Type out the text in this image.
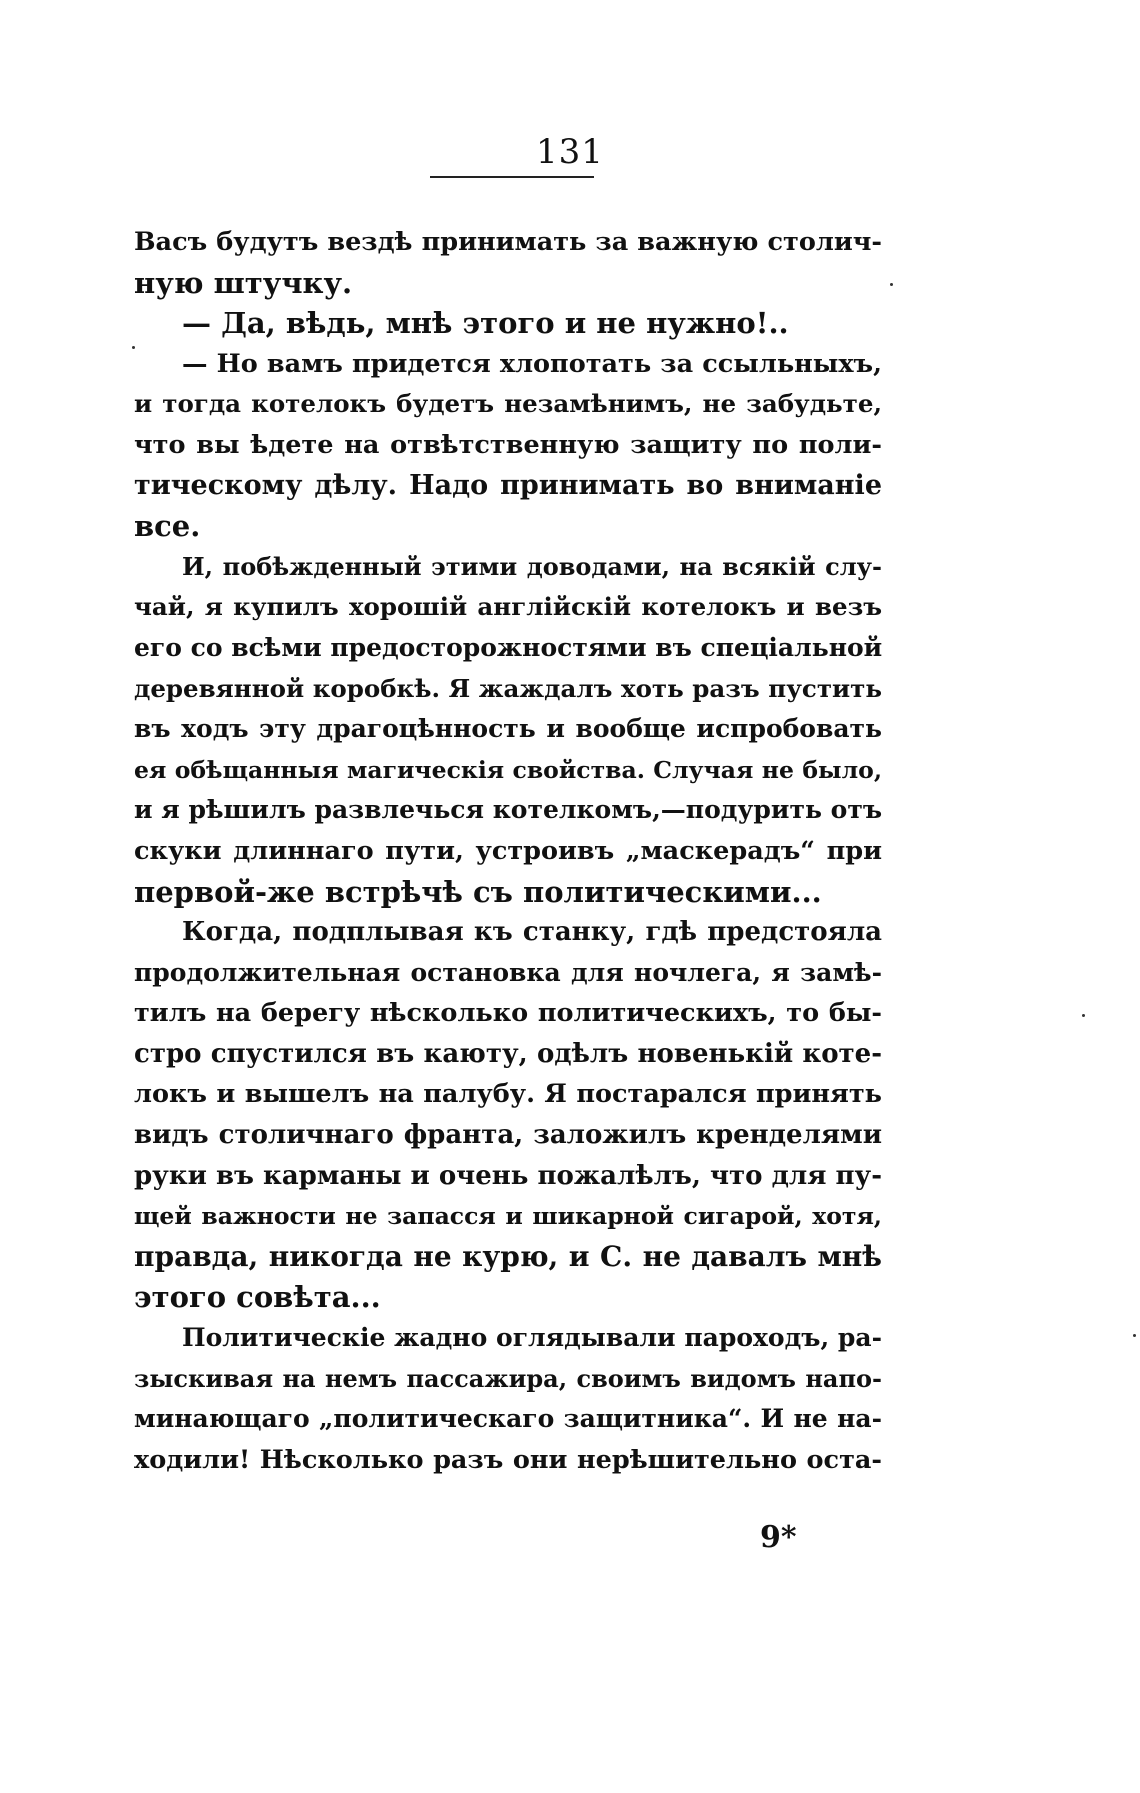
131
Васъ будутъ вездѣ принимать за важную столич-
ную штучку.
— Да, вѣдь, мнѣ этого и не нужно!..
— Но вамъ придется хлопотать за ссыльныхъ,
и тогда котелокъ будетъ незамѣнимъ, не забудьте,
что вы ѣдете на отвѣтственную защиту по поли-
тическому дѣлу. Надо принимать во вниманіе
все.
И, побѣжденный этими доводами, на всякій слу-
чай, я купилъ хорошій англійскій котелокъ и везъ
его со всѣми предосторожностями въ спеціальной
деревянной коробкѣ. Я жаждалъ хоть разъ пустить
въ ходъ эту драгоцѣнность и вообще испробовать
ея обѣщанныя магическія свойства. Случая не было,
и я рѣшилъ развлечься котелкомъ,—подурить отъ
скуки длиннаго пути, устроивъ „маскерадъ“ при
первой-же встрѣчѣ съ политическими...
Когда, подплывая къ станку, гдѣ предстояла
продолжительная остановка для ночлега, я замѣ-
тилъ на берегу нѣсколько политическихъ, то бы-
стро спустился въ каюту, одѣлъ новенькій коте-
локъ и вышелъ на палубу. Я постарался принять
видъ столичнаго франта, заложилъ кренделями
руки въ карманы и очень пожалѣлъ, что для пу-
щей важности не запасся и шикарной сигарой, хотя,
правда, никогда не курю, и С. не давалъ мнѣ
этого совѣта...
Политическіе жадно оглядывали пароходъ, ра-
зыскивая на немъ пассажира, своимъ видомъ напо-
минающаго „политическаго защитника“. И не на-
ходили! Нѣсколько разъ они нерѣшительно оста-
9*
